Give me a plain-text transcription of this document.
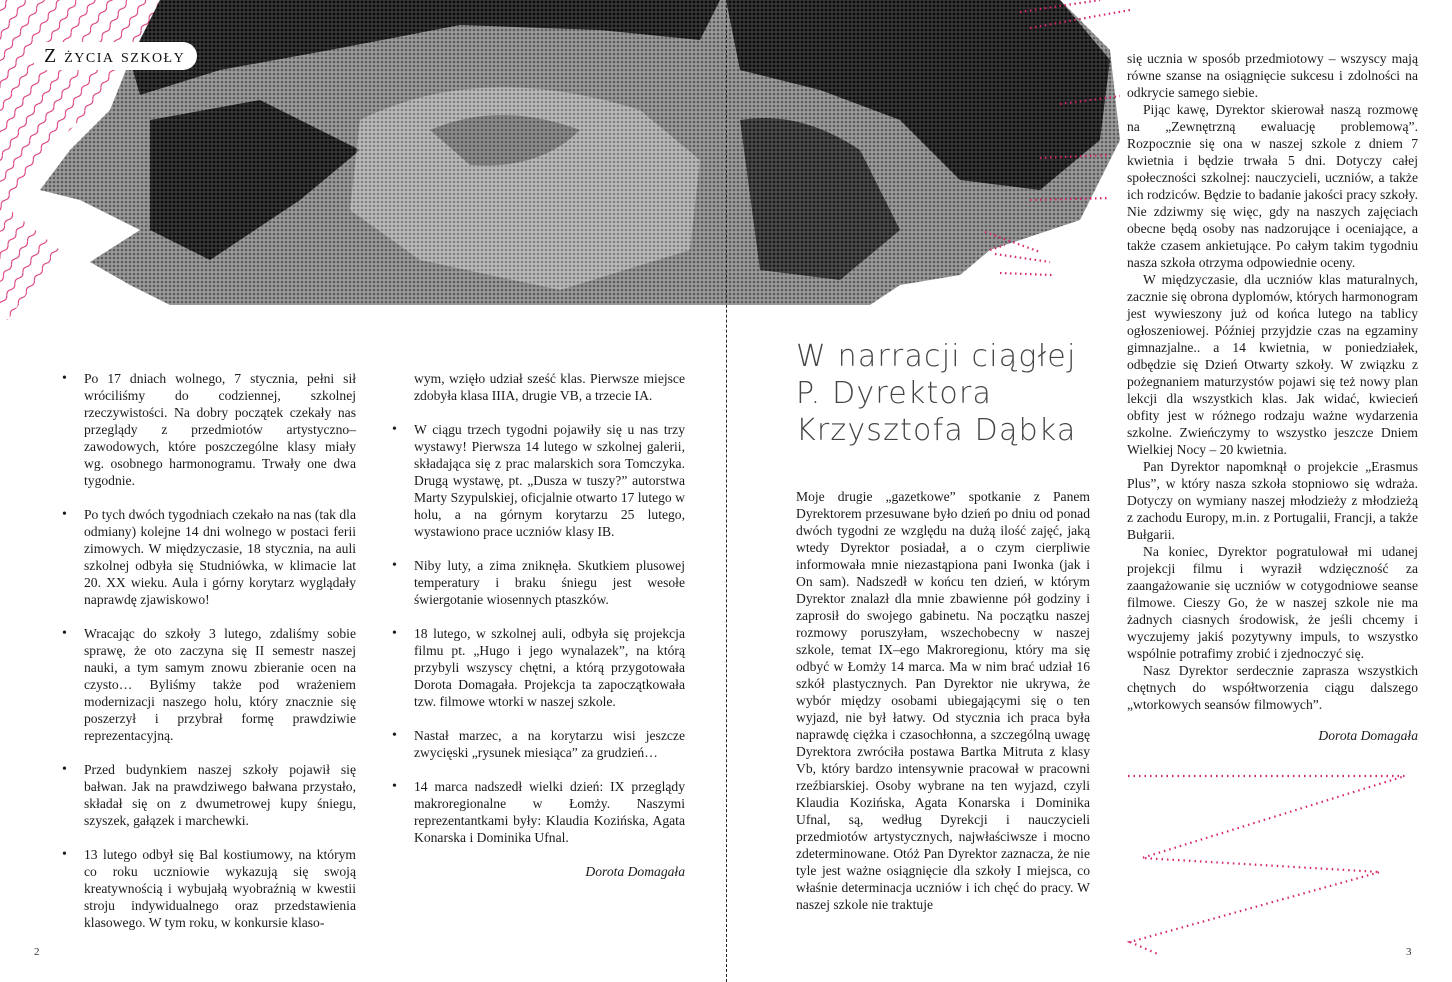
Z życia szkoły
• Po 17 dniach wolnego, 7 stycznia, pełni sił wróciliśmy do codziennej, szkolnej rzeczywistości. Na dobry początek czekały nas przeglądy z przedmiotów artystyczno–zawodowych, które poszczególne klasy miały wg. osobnego harmonogramu. Trwały one dwa tygodnie.
• Po tych dwóch tygodniach czekało na nas (tak dla odmiany) kolejne 14 dni wolnego w postaci ferii zimowych. W międzyczasie, 18 stycznia, na auli szkolnej odbyła się Studniówka, w klimacie lat 20. XX wieku. Aula i górny korytarz wyglądały naprawdę zjawiskowo!
• Wracając do szkoły 3 lutego, zdaliśmy sobie sprawę, że oto zaczyna się II semestr naszej nauki, a tym samym znowu zbieranie ocen na czysto… Byliśmy także pod wrażeniem modernizacji naszego holu, który znacznie się poszerzył i przybrał formę prawdziwie reprezentacyjną.
• Przed budynkiem naszej szkoły pojawił się bałwan. Jak na prawdziwego bałwana przystało, składał się on z dwumetrowej kupy śniegu, szyszek, gałązek i marchewki.
• 13 lutego odbył się Bal kostiumowy, na którym co roku uczniowie wykazują się swoją kreatywnością i wybujałą wyobraźnią w kwestii stroju indywidualnego oraz przedstawienia klasowego. W tym roku, w konkursie klaso-

wym, wzięło udział sześć klas. Pierwsze miejsce zdobyła klasa IIIA, drugie VB, a trzecie IA.

• W ciągu trzech tygodni pojawiły się u nas trzy wystawy! Pierwsza 14 lutego w szkolnej galerii, składająca się z prac malarskich sora Tomczyka. Drugą wystawę, pt. „Dusza w tuszy?” autorstwa Marty Szypulskiej, oficjalnie otwarto 17 lutego w holu, a na górnym korytarzu 25 lutego, wystawiono prace uczniów klasy IB.
• Niby luty, a zima zniknęła. Skutkiem plusowej temperatury i braku śniegu jest wesołe świergotanie wiosennych ptaszków.
• 18 lutego, w szkolnej auli, odbyła się projekcja filmu pt. „Hugo i jego wynalazek”, na którą przybyli wszyscy chętni, a którą przygotowała Dorota Domagała. Projekcja ta zapoczątkowała tzw. filmowe wtorki w naszej szkole.
• Nastał marzec, a na korytarzu wisi jeszcze zwycięski „rysunek miesiąca” za grudzień…
• 14 marca nadszedł wielki dzień: IX przeglądy makroregionalne w Łomży. Naszymi reprezentantkami były: Klaudia Kozińska, Agata Konarska i Dominika Ufnal.

Dorota Domagała

W narracji ciągłej
P. Dyrektora
Krzysztofa Dąbka

Moje drugie „gazetkowe” spotkanie z Panem Dyrektorem przesuwane było dzień po dniu od ponad dwóch tygodni ze względu na dużą ilość zajęć, jaką wtedy Dyrektor posiadał, a o czym cierpliwie informowała mnie niezastąpiona pani Iwonka (jak i On sam). Nadszedł w końcu ten dzień, w którym Dyrektor znalazł dla mnie zbawienne pół godziny i zaprosił do swojego gabinetu. Na początku naszej rozmowy poruszyłam, wszechobecny w naszej szkole, temat IX–ego Makroregionu, który ma się odbyć w Łomży 14 marca. Ma w nim brać udział 16 szkół plastycznych. Pan Dyrektor nie ukrywa, że wybór między osobami ubiegającymi się o ten wyjazd, nie był łatwy. Od stycznia ich praca była naprawdę ciężka i czasochłonna, a szczególną uwagę Dyrektora zwróciła postawa Bartka Mitruta z klasy Vb, który bardzo intensywnie pracował w pracowni rzeźbiarskiej. Osoby wybrane na ten wyjazd, czyli Klaudia Kozińska, Agata Konarska i Dominika Ufnal, są, według Dyrekcji i nauczycieli przedmiotów artystycznych, najwłaściwsze i mocno zdeterminowane. Otóż Pan Dyrektor zaznacza, że nie tyle jest ważne osiągnięcie dla szkoły I miejsca, co właśnie determinacja uczniów i ich chęć do pracy. W naszej szkole nie traktuje

się ucznia w sposób przedmiotowy – wszyscy mają równe szanse na osiągnięcie sukcesu i zdolności na odkrycie samego siebie.

Pijąc kawę, Dyrektor skierował naszą rozmowę na „Zewnętrzną ewaluację problemową”. Rozpocznie się ona w naszej szkole z dniem 7 kwietnia i będzie trwała 5 dni. Dotyczy całej społeczności szkolnej: nauczycieli, uczniów, a także ich rodziców. Będzie to badanie jakości pracy szkoły. Nie zdziwmy się więc, gdy na naszych zajęciach obecne będą osoby nas nadzorujące i oceniające, a także czasem ankietujące. Po całym takim tygodniu nasza szkoła otrzyma odpowiednie oceny.

W międzyczasie, dla uczniów klas maturalnych, zacznie się obrona dyplomów, których harmonogram jest wywieszony już od końca lutego na tablicy ogłoszeniowej. Później przyjdzie czas na egzaminy gimnazjalne.. a 14 kwietnia, w poniedziałek, odbędzie się Dzień Otwarty szkoły. W związku z pożegnaniem maturzystów pojawi się też nowy plan lekcji dla wszystkich klas. Jak widać, kwiecień obfity jest w różnego rodzaju ważne wydarzenia szkolne. Zwieńczymy to wszystko jeszcze Dniem Wielkiej Nocy – 20 kwietnia.

Pan Dyrektor napomknął o projekcie „Erasmus Plus”, w który nasza szkoła stopniowo się wdraża. Dotyczy on wymiany naszej młodzieży z młodzieżą z zachodu Europy, m.in. z Portugalii, Francji, a także Bułgarii.

Na koniec, Dyrektor pogratulował mi udanej projekcji filmu i wyraził wdzięczność za zaangażowanie się uczniów w cotygodniowe seanse filmowe. Cieszy Go, że w naszej szkole nie ma żadnych ciasnych środowisk, że jeśli chcemy i wyczujemy jakiś pozytywny impuls, to wszystko wspólnie potrafimy zrobić i zjednoczyć się.

Nasz Dyrektor serdecznie zaprasza wszystkich chętnych do współtworzenia ciągu dalszego „wtorkowych seansów filmowych”.

Dorota Domagała

2	3
